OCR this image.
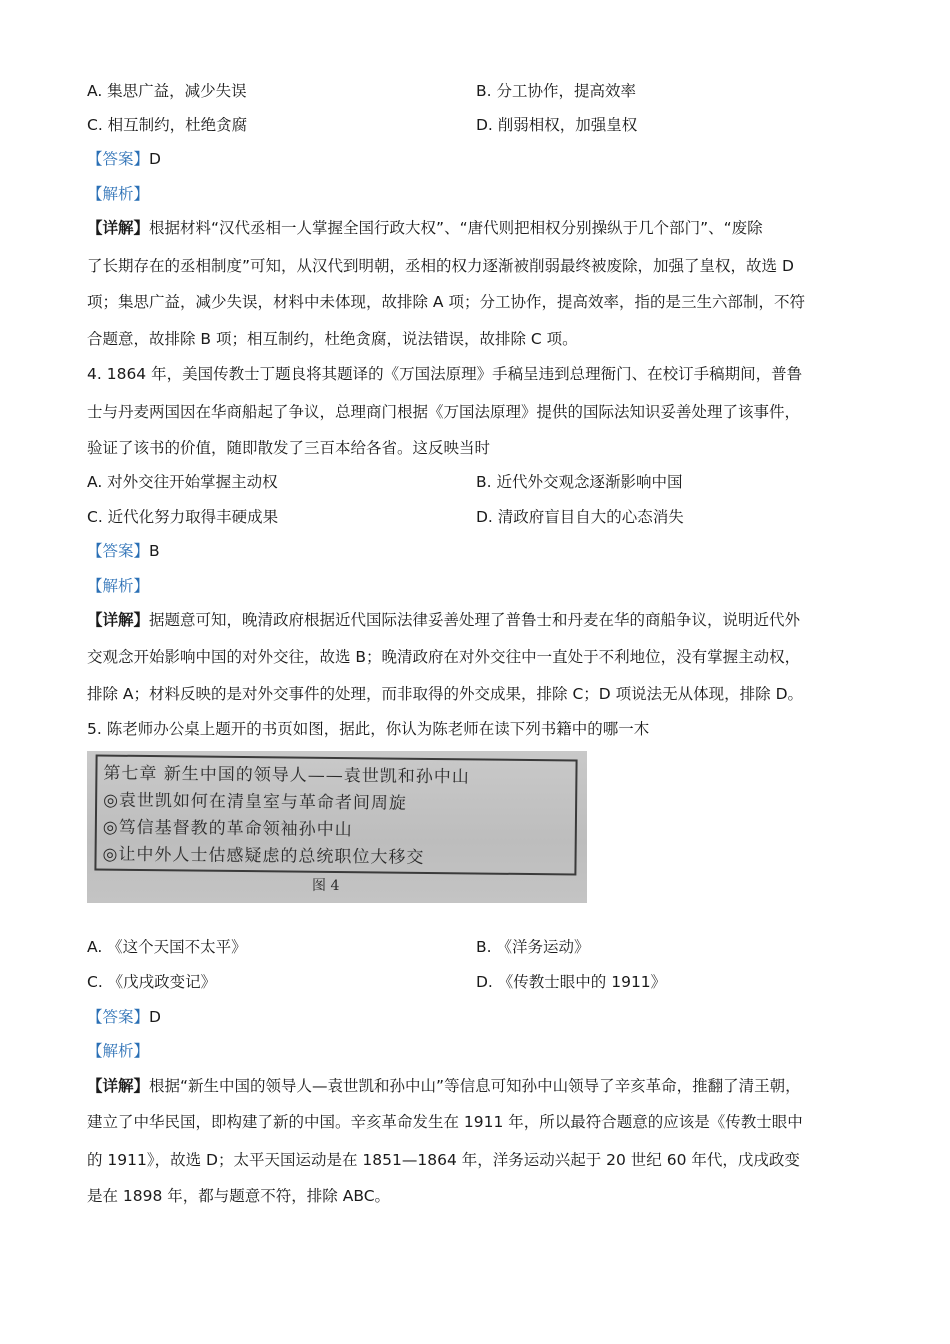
A. 集思广益，减少失误	B. 分工协作，提高效率
C. 相互制约，杜绝贪腐	D. 削弱相权，加强皇权
【答案】D
【解析】
【详解】根据材料“汉代丞相一人掌握全国行政大权”、“唐代则把相权分别操纵于几个部门”、“废除
了长期存在的丞相制度”可知，从汉代到明朝，丞相的权力逐渐被削弱最终被废除，加强了皇权，故选 D
项；集思广益，减少失误，材料中未体现，故排除 A 项；分工协作，提高效率，指的是三生六部制，不符
合题意，故排除 B 项；相互制约，杜绝贪腐，说法错误，故排除 C 项。
4. 1864 年，美国传教士丁题良将其题译的《万国法原理》手稿呈违到总理衙门、在校订手稿期间，普鲁
士与丹麦两国因在华商船起了争议，总理商门根据《万国法原理》提供的国际法知识妥善处理了该事件，
验证了该书的价值，随即散发了三百本给各省。这反映当时
A. 对外交往开始掌握主动权	B. 近代外交观念逐渐影响中国
C. 近代化努力取得丰硬成果	D. 清政府盲目自大的心态消失
【答案】B
【解析】
【详解】据题意可知，晚清政府根据近代国际法律妥善处理了普鲁士和丹麦在华的商船争议，说明近代外
交观念开始影响中国的对外交往，故选 B；晚清政府在对外交往中一直处于不利地位，没有掌握主动权，
排除 A；材料反映的是对外交事件的处理，而非取得的外交成果，排除 C；D 项说法无从体现，排除 D。
5. 陈老师办公桌上题开的书页如图，据此，你认为陈老师在读下列书籍中的哪一木
第七章 新生中国的领导人——袁世凯和孙中山
◎袁世凯如何在清皇室与革命者间周旋
◎笃信基督教的革命领袖孙中山
◎让中外人士估感疑虑的总统职位大移交
图 4
A. 《这个天国不太平》	B. 《洋务运动》
C. 《戊戌政变记》	D. 《传教士眼中的 1911》
【答案】D
【解析】
【详解】根据“新生中国的领导人—袁世凯和孙中山”等信息可知孙中山领导了辛亥革命，推翻了清王朝，
建立了中华民国，即构建了新的中国。辛亥革命发生在 1911 年，所以最符合题意的应该是《传教士眼中
的 1911》，故选 D；太平天国运动是在 1851—1864 年，洋务运动兴起于 20 世纪 60 年代，戊戌政变
是在 1898 年，都与题意不符，排除 ABC。
